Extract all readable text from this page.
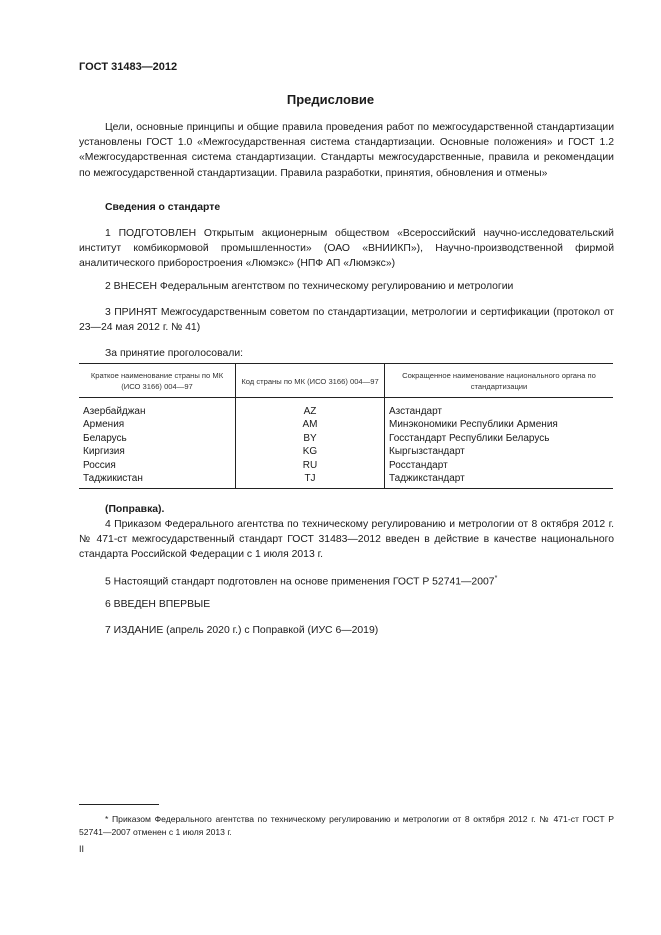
ГОСТ 31483—2012
Предисловие
Цели, основные принципы и общие правила проведения работ по межгосударственной стандартизации установлены ГОСТ 1.0 «Межгосударственная система стандартизации. Основные положения» и ГОСТ 1.2 «Межгосударственная система стандартизации. Стандарты межгосударственные, правила и рекомендации по межгосударственной стандартизации. Правила разработки, принятия, обновления и отмены»
Сведения о стандарте
1 ПОДГОТОВЛЕН Открытым акционерным обществом «Всероссийский научно-исследовательский институт комбикормовой промышленности» (ОАО «ВНИИКП»), Научно-производственной фирмой аналитического приборостроения «Люмэкс» (НПФ АП «Люмэкс»)
2 ВНЕСЕН Федеральным агентством по техническому регулированию и метрологии
3 ПРИНЯТ Межгосударственным советом по стандартизации, метрологии и сертификации (протокол от 23—24 мая 2012 г. № 41)
За принятие проголосовали:
Краткое наименование страны по МК (ИСО 3166) 004—97	Код страны по МК (ИСО 3166) 004—97	Сокращенное наименование национального органа по стандартизации
Азербайджан	AZ	Азстандарт
Армения	AM	Минэкономики Республики Армения
Беларусь	BY	Госстандарт Республики Беларусь
Киргизия	KG	Кыргызстандарт
Россия	RU	Росстандарт
Таджикистан	TJ	Таджикстандарт
(Поправка).
4 Приказом Федерального агентства по техническому регулированию и метрологии от 8 октября 2012 г. № 471-ст межгосударственный стандарт ГОСТ 31483—2012 введен в действие в качестве национального стандарта Российской Федерации с 1 июля 2013 г.
5 Настоящий стандарт подготовлен на основе применения ГОСТ Р 52741—2007*
6 ВВЕДЕН ВПЕРВЫЕ
7 ИЗДАНИЕ (апрель 2020 г.) с Поправкой (ИУС 6—2019)
* Приказом Федерального агентства по техническому регулированию и метрологии от 8 октября 2012 г. № 471-ст ГОСТ Р 52741—2007 отменен с 1 июля 2013 г.
II
